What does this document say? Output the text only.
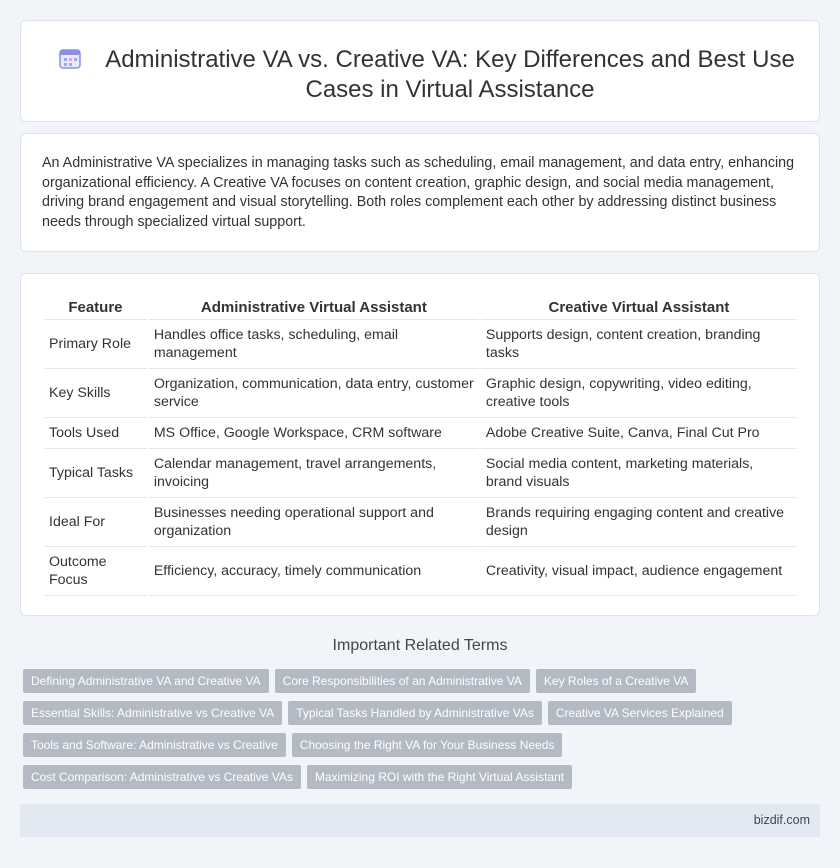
Administrative VA vs. Creative VA: Key Differences and Best Use Cases in Virtual Assistance

An Administrative VA specializes in managing tasks such as scheduling, email management, and data entry, enhancing organizational efficiency. A Creative VA focuses on content creation, graphic design, and social media management, driving brand engagement and visual storytelling. Both roles complement each other by addressing distinct business needs through specialized virtual support.

Feature	Administrative Virtual Assistant	Creative Virtual Assistant
Primary Role	Handles office tasks, scheduling, email management	Supports design, content creation, branding tasks
Key Skills	Organization, communication, data entry, customer service	Graphic design, copywriting, video editing, creative tools
Tools Used	MS Office, Google Workspace, CRM software	Adobe Creative Suite, Canva, Final Cut Pro
Typical Tasks	Calendar management, travel arrangements, invoicing	Social media content, marketing materials, brand visuals
Ideal For	Businesses needing operational support and organization	Brands requiring engaging content and creative design
Outcome Focus	Efficiency, accuracy, timely communication	Creativity, visual impact, audience engagement
Important Related Terms
Defining Administrative VA and Creative VA	Core Responsibilities of an Administrative VA	Key Roles of a Creative VA
Essential Skills: Administrative vs Creative VA	Typical Tasks Handled by Administrative VAs	Creative VA Services Explained
Tools and Software: Administrative vs Creative	Choosing the Right VA for Your Business Needs
Cost Comparison: Administrative vs Creative VAs	Maximizing ROI with the Right Virtual Assistant
bizdif.com
